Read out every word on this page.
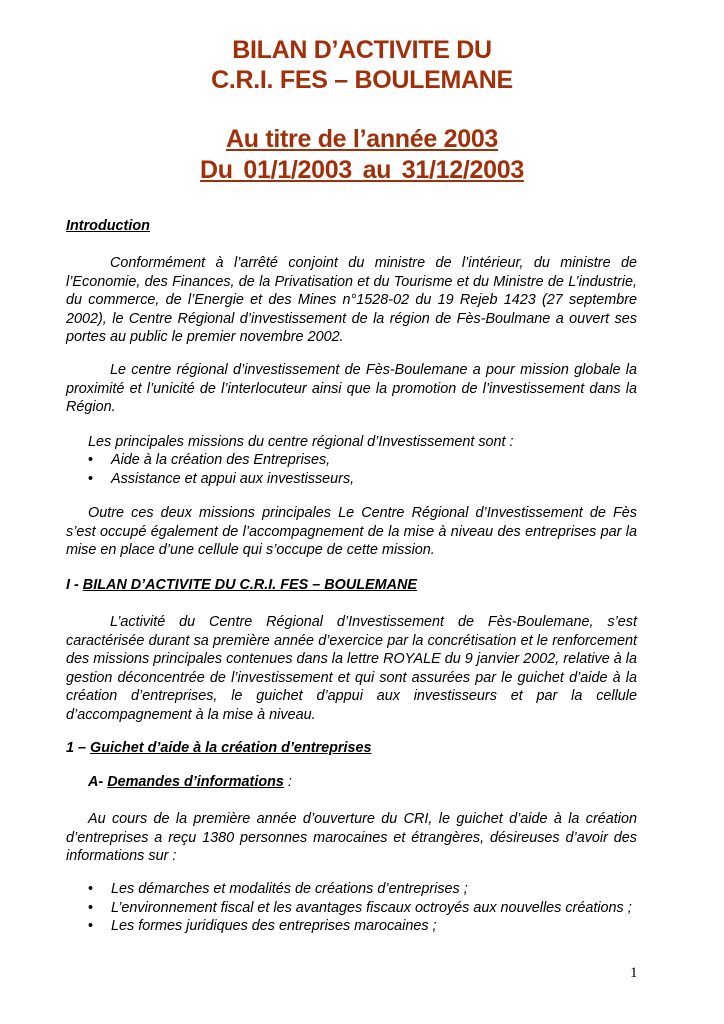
BILAN D’ACTIVITE DU
C.R.I. FES – BOULEMANE
Au titre de l’année 2003
Du 01/1/2003 au 31/12/2003

Introduction

Conformément à l’arrêté conjoint du ministre de l’intérieur, du ministre de l’Economie, des Finances, de la Privatisation et du Tourisme et du Ministre de L’industrie, du commerce, de l’Energie et des Mines n°1528-02 du 19 Rejeb 1423 (27 septembre 2002), le Centre Régional d’investissement de la région de Fès-Boulmane a ouvert ses portes au public le premier novembre 2002.

Le centre régional d’investissement de Fès-Boulemane a pour mission globale la proximité et l’unicité de l’interlocuteur ainsi que la promotion de l’investissement dans la Région.

Les principales missions du centre régional d’Investissement sont :

• Aide à la création des Entreprises,
• Assistance et appui aux investisseurs,

Outre ces deux missions principales Le Centre Régional d’Investissement de Fès s’est occupé également de l’accompagnement de la mise à niveau des entreprises par la mise en place d’une cellule qui s’occupe de cette mission.

I - BILAN D’ACTIVITE DU C.R.I. FES – BOULEMANE

L’activité du Centre Régional d’Investissement de Fès-Boulemane, s’est caractérisée durant sa première année d’exercice par la concrétisation et le renforcement des missions principales contenues dans la lettre ROYALE du 9 janvier 2002, relative à la gestion déconcentrée de l’investissement et qui sont assurées par le guichet d’aide à la création d’entreprises, le guichet d’appui aux investisseurs et par la cellule d’accompagnement à la mise à niveau.

1 – Guichet d’aide à la création d’entreprises

A- Demandes d’informations :

Au cours de la première année d’ouverture du CRI, le guichet d’aide à la création d’entreprises a reçu 1380 personnes marocaines et étrangères, désireuses d’avoir des informations sur :

• Les démarches et modalités de créations d’entreprises ;
• L’environnement fiscal et les avantages fiscaux octroyés aux nouvelles créations ;
• Les formes juridiques des entreprises marocaines ;
1
